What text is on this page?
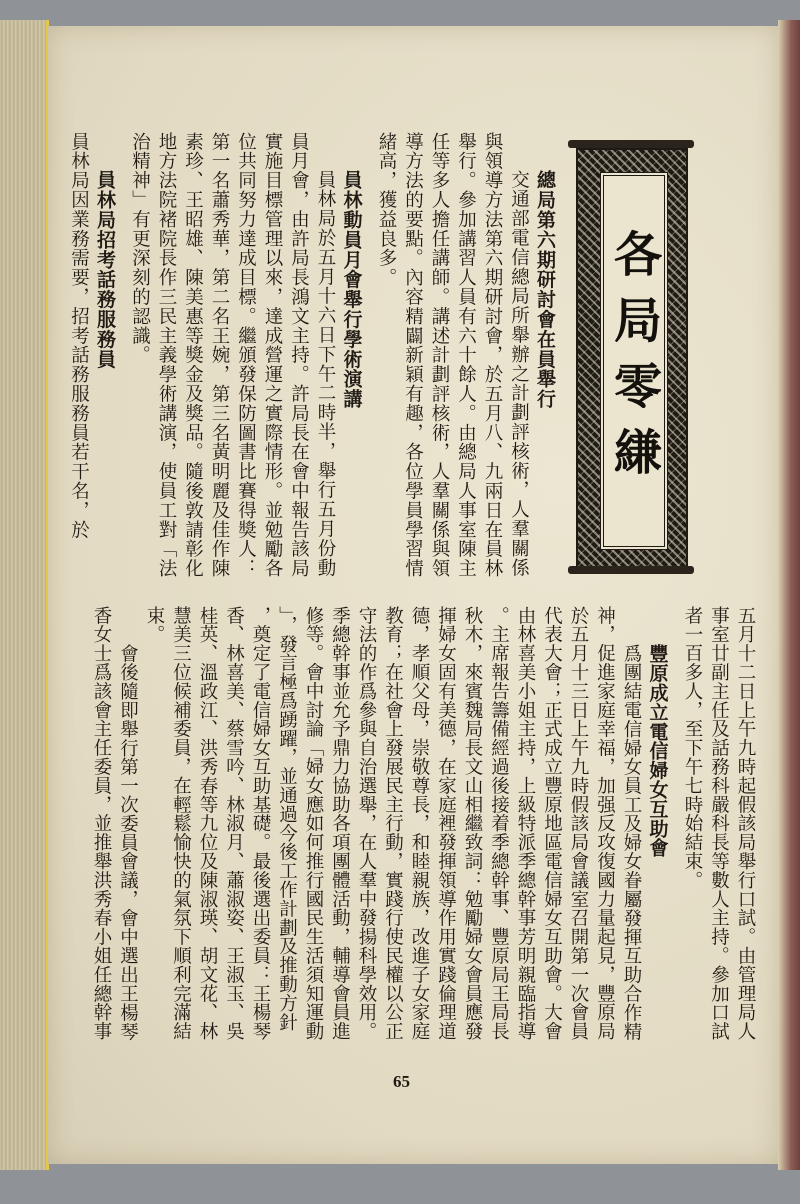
各局零縑
總局第六期研討會在員舉行
交通部電信總局所舉辦之計劃評核術，人羣關係
與領導方法第六期研討會，於五月八、九兩日在員林
舉行。參加講習人員有六十餘人。由總局人事室陳主
任等多人擔任講師。講述計劃評核術，人羣關係與領
導方法的要點。內容精闢新穎有趣，各位學員學習情
緒高，獲益良多。
員林動員月會舉行學術演講
員林局於五月十六日下午二時半，舉行五月份動
員月會，由許局長鴻文主持。許局長在會中報告該局
實施目標管理以來，達成營運之實際情形。並勉勵各
位共同努力達成目標。繼頒發保防圖書比賽得獎人：
第一名蕭秀華，第二名王婉，第三名黃明麗及佳作陳
素珍、王昭雄、陳美惠等獎金及獎品。隨後敦請彰化
地方法院褚院長作三民主義學術講演，使員工對「法
治精神」有更深刻的認識。
員林局招考話務服務員
員林局因業務需要，招考話務服務員若干名，於
五月十二日上午九時起假該局舉行口試。由管理局人
事室廿副主任及話務科嚴科長等數人主持。參加口試
者一百多人，至下午七時始結束。
豐原成立電信婦女互助會
爲團結電信婦女員工及婦女眷屬發揮互助合作精
神，促進家庭幸福，加强反攻復國力量起見，豐原局
於五月十三日上午九時假該局會議室召開第一次會員
代表大會；正式成立豐原地區電信婦女互助會。大會
由林喜美小姐主持，上級特派季總幹事芳明親臨指導
。主席報告籌備經過後接着季總幹事、豐原局王局長
秋木，來賓魏局長文山相繼致詞：勉勵婦女會員應發
揮婦女固有美德，在家庭裡發揮領導作用實踐倫理道
德，孝順父母，崇敬尊長，和睦親族，改進子女家庭
教育；在社會上發展民主行動，實踐行使民權以公正
守法的作爲參與自治選舉，在人羣中發揚科學效用。
季總幹事並允予鼎力協助各項團體活動，輔導會員進
修等。會中討論「婦女應如何推行國民生活須知運動
」，發言極爲踴躍，並通過今後工作計劃及推動方針
，奠定了電信婦女互助基礎。最後選出委員：王楊琴
香、林喜美、蔡雪吟、林淑月、蕭淑姿、王淑玉、吳
桂英、溫政江、洪秀春等九位及陳淑瑛、胡文花、林
慧美三位候補委員，在輕鬆愉快的氣氛下順利完滿結
束。
會後隨即舉行第一次委員會議，會中選出王楊琴
香女士爲該會主任委員，並推舉洪秀春小姐任總幹事
65
